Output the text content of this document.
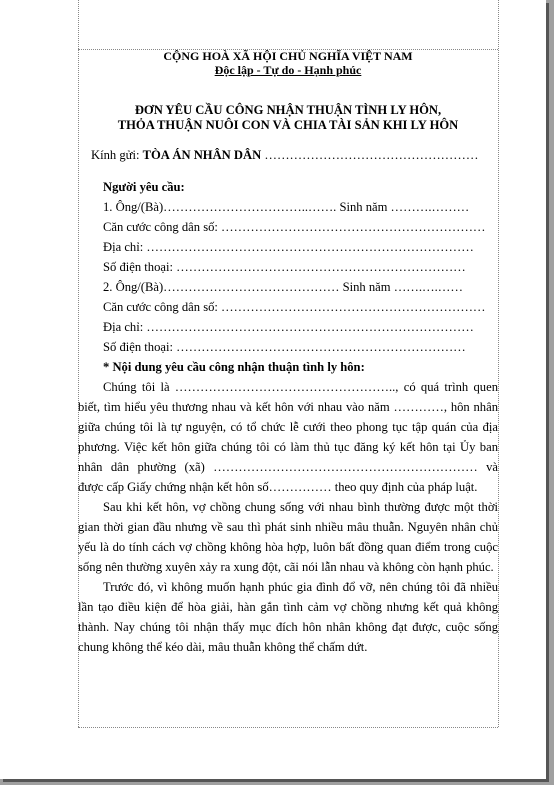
CỘNG HOÀ XÃ HỘI CHỦ NGHĨA VIỆT NAM
Độc lập - Tự do - Hạnh phúc
ĐƠN YÊU CẦU CÔNG NHẬN THUẬN TÌNH LY HÔN,
THỎA THUẬN NUÔI CON VÀ CHIA TÀI SẢN KHI LY HÔN
Kính gửi: TÒA ÁN NHÂN DÂN ……………………………………………
Người yêu cầu:
1. Ông/(Bà)……………………………..……. Sinh năm ……….………
Căn cước công dân số: ………………………………………………………
Địa chỉ: ……………………………………………………………………
Số điện thoại: ……………………………………………………………
2. Ông/(Bà)…………………………………… Sinh năm …….….……
Căn cước công dân số: ………………………………………………………
Địa chỉ: ……………………………………………………………………
Số điện thoại: ……………………………………………………………
* Nội dung yêu cầu công nhận thuận tình ly hôn:
Chúng tôi là …………………………………………….., có quá trình quen biết, tìm hiểu yêu thương nhau và kết hôn với nhau vào năm …………, hôn nhân giữa chúng tôi là tự nguyện, có tổ chức lễ cưới theo phong tục tập quán của địa phương. Việc kết hôn giữa chúng tôi có làm thủ tục đăng ký kết hôn tại Ủy ban nhân dân phường (xã) ……………………………………………………… và được cấp Giấy chứng nhận kết hôn số…………… theo quy định của pháp luật.
Sau khi kết hôn, vợ chồng chung sống với nhau bình thường được một thời gian thời gian đầu nhưng về sau thì phát sinh nhiều mâu thuẫn. Nguyên nhân chủ yếu là do tính cách vợ chồng không hòa hợp, luôn bất đồng quan điểm trong cuộc sống nên thường xuyên xảy ra xung đột, cãi nói lẫn nhau và không còn hạnh phúc.
Trước đó, vì không muốn hạnh phúc gia đình đổ vỡ, nên chúng tôi đã nhiều lần tạo điều kiện để hòa giải, hàn gắn tình cảm vợ chồng nhưng kết quả không thành. Nay chúng tôi nhận thấy mục đích hôn nhân không đạt được, cuộc sống chung không thể kéo dài, mâu thuẫn không thể chấm dứt.
